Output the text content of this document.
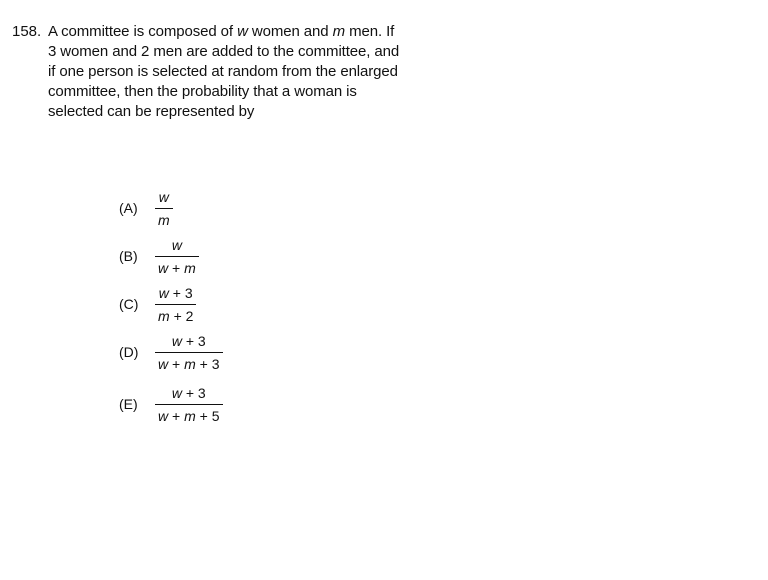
158. A committee is composed of w women and m men. If
3 women and 2 men are added to the committee, and
if one person is selected at random from the enlarged
committee, then the probability that a woman is
selected can be represented by
(A)	$\frac{w}{m}$
(B)	$\frac{w}{w + m}$
(C)	$\frac{w + 3}{m + 2}$
(D)	$\frac{w + 3}{w + m + 3}$
(E)	$\frac{w + 3}{w + m + 5}$
